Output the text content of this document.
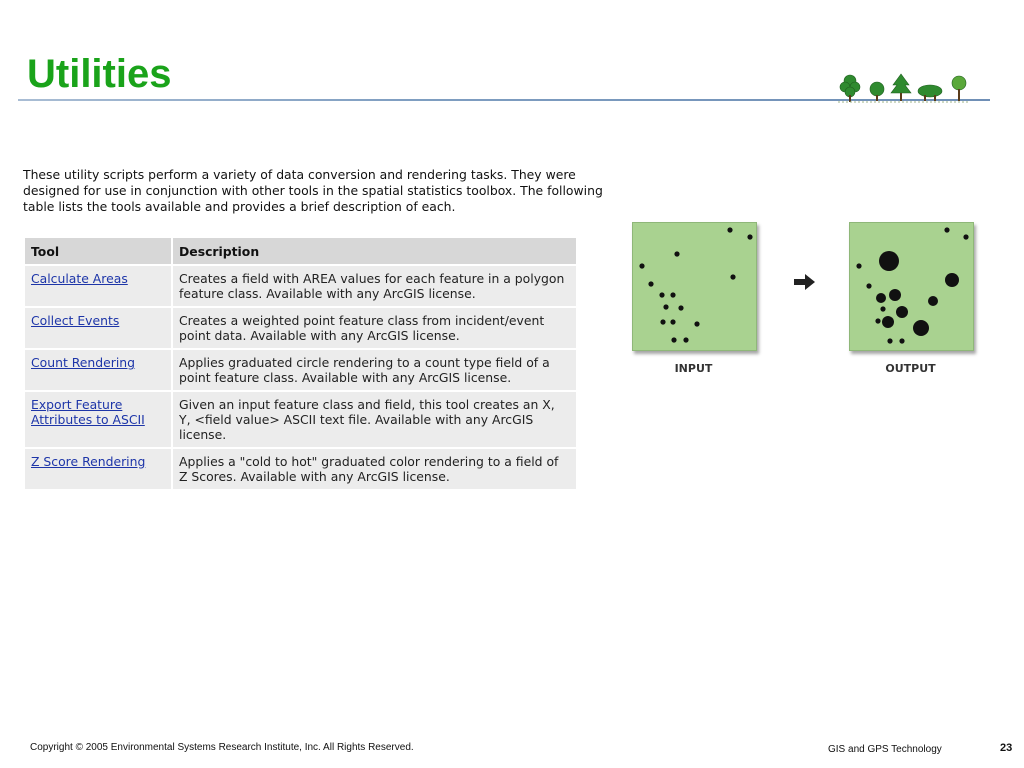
Utilities

These utility scripts perform a variety of data conversion and rendering tasks. They were designed for use in conjunction with other tools in the spatial statistics toolbox. The following table lists the tools available and provides a brief description of each.

Tool	Description
Calculate Areas	Creates a field with AREA values for each feature in a polygon feature class. Available with any ArcGIS license.
Collect Events	Creates a weighted point feature class from incident/event point data. Available with any ArcGIS license.
Count Rendering	Applies graduated circle rendering to a count type field of a point feature class. Available with any ArcGIS license.
Export Feature Attributes to ASCII	Given an input feature class and field, this tool creates an X, Y, <field value> ASCII text file. Available with any ArcGIS license.
Z Score Rendering	Applies a "cold to hot" graduated color rendering to a field of Z Scores. Available with any ArcGIS license.
INPUT	OUTPUT
Copyright © 2005 Environmental Systems Research Institute, Inc. All Rights Reserved.	GIS and GPS Technology	23
